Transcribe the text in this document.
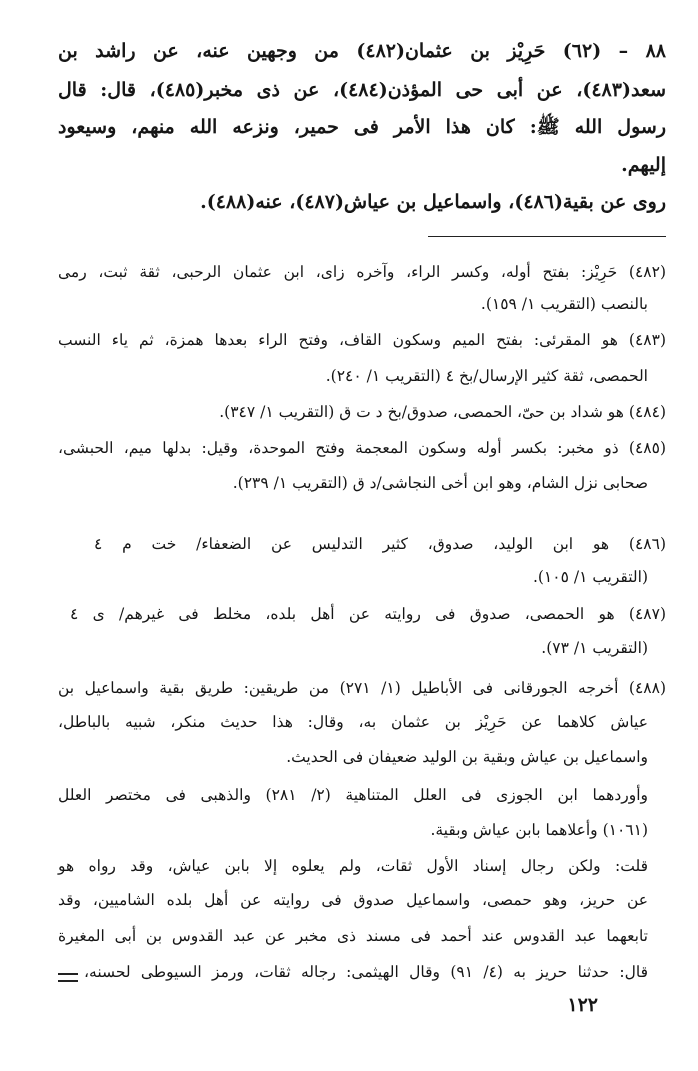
٨٨ – (٦٢) حَرِيْز بن عثمان(٤٨٢) من وجهين عنه، عن راشد بن
سعد(٤٨٣)، عن أبى حى المؤذن(٤٨٤)، عن ذى مخبر(٤٨٥)، قال: قال
رسول الله ﷺ: كان هذا الأمر فى حمير، ونزعه الله منهم، وسيعود
إليهم.
روى عن بقية(٤٨٦)، واسماعيل بن عياش(٤٨٧)، عنه(٤٨٨).
(٤٨٢) حَرِيْز: بفتح أوله، وكسر الراء، وآخره زاى، ابن عثمان الرحبى، ثقة ثبت، رمى
بالنصب (التقريب ١/ ١٥٩).
(٤٨٣) هو المقرئى: بفتح الميم وسكون القاف، وفتح الراء بعدها همزة، ثم ياء النسب
الحمصى، ثقة كثير الإرسال/بخ ٤ (التقريب ١/ ٢٤٠).
(٤٨٤) هو شداد بن حىّ، الحمصى، صدوق/بخ د ت ق (التقريب ١/ ٣٤٧).
(٤٨٥) ذو مخبر: بكسر أوله وسكون المعجمة وفتح الموحدة، وقيل: بدلها ميم، الحبشى،
صحابى نزل الشام، وهو ابن أخى النجاشى/د ق (التقريب ١/ ٢٣٩).
(٤٨٦) هو ابن الوليد، صدوق، كثير التدليس عن الضعفاء/ خت م ٤
(التقريب ١/ ١٠٥).
(٤٨٧) هو الحمصى، صدوق فى روايته عن أهل بلده، مخلط فى غيرهم/ ى ٤
(التقريب ١/ ٧٣).
(٤٨٨) أخرجه الجورقانى فى الأباطيل (١/ ٢٧١) من طريقين: طريق بقية واسماعيل بن
عياش كلاهما عن حَرِيْز بن عثمان به، وقال: هذا حديث منكر، شبيه بالباطل،
واسماعيل بن عياش وبقية بن الوليد ضعيفان فى الحديث.
وأوردهما ابن الجوزى فى العلل المتناهية (٢/ ٢٨١) والذهبى فى مختصر العلل
(١٠٦١) وأعلاهما بابن عياش وبقية.
قلت: ولكن رجال إسناد الأول ثقات، ولم يعلوه إلا بابن عياش، وقد رواه هو
عن حريز، وهو حمصى، واسماعيل صدوق فى روايته عن أهل بلده الشاميين، وقد
تابعهما عبد القدوس عند أحمد فى مسند ذى مخبر عن عبد القدوس بن أبى المغيرة
قال: حدثنا حريز به (٤/ ٩١) وقال الهيثمى: رجاله ثقات، ورمز السيوطى لحسنه،
١٢٢
